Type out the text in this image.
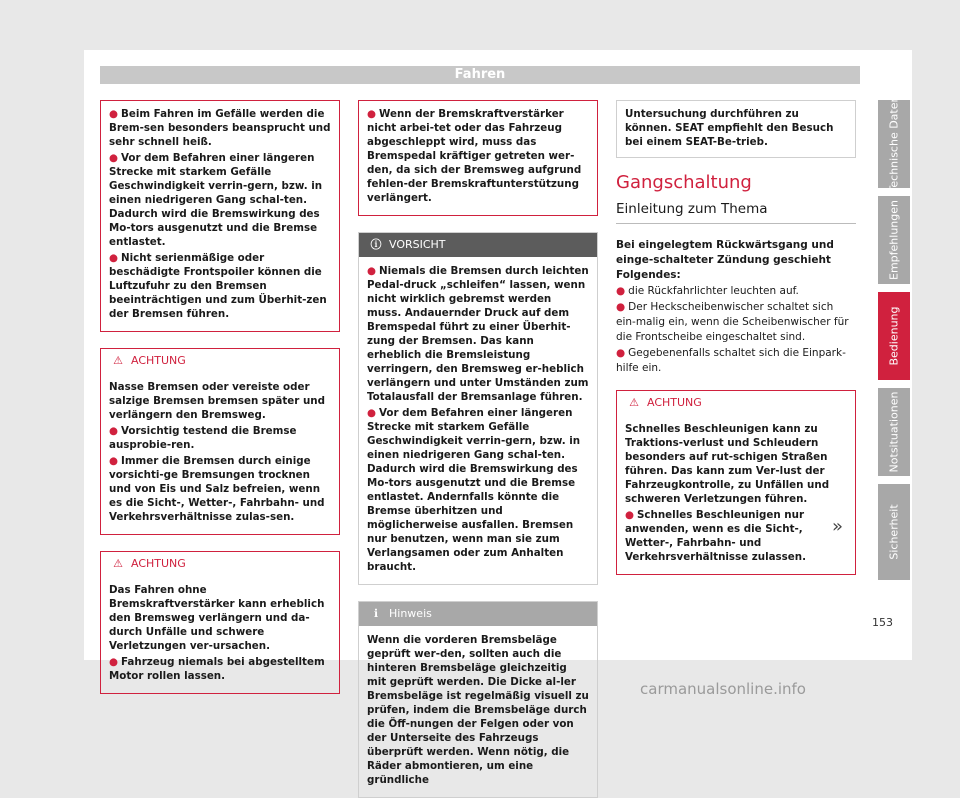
Fahren

● Beim Fahren im Gefälle werden die Brem-sen besonders beansprucht und sehr schnell heiß.

● Vor dem Befahren einer längeren Strecke mit starkem Gefälle Geschwindigkeit verrin-gern, bzw. in einen niedrigeren Gang schal-ten. Dadurch wird die Bremswirkung des Mo-tors ausgenutzt und die Bremse entlastet.

● Nicht serienmäßige oder beschädigte Frontspoiler können die Luftzufuhr zu den Bremsen beeinträchtigen und zum Überhit-zen der Bremsen führen.

⚠ ACHTUNG

Nasse Bremsen oder vereiste oder salzige Bremsen bremsen später und verlängern den Bremsweg.

● Vorsichtig testend die Bremse ausprobie-ren.

● Immer die Bremsen durch einige vorsichti-ge Bremsungen trocknen und von Eis und Salz befreien, wenn es die Sicht-, Wetter-, Fahrbahn- und Verkehrsverhältnisse zulas-sen.

⚠ ACHTUNG

Das Fahren ohne Bremskraftverstärker kann erheblich den Bremsweg verlängern und da-durch Unfälle und schwere Verletzungen ver-ursachen.

● Fahrzeug niemals bei abgestelltem Motor rollen lassen.

● Wenn der Bremskraftverstärker nicht arbei-tet oder das Fahrzeug abgeschleppt wird, muss das Bremspedal kräftiger getreten wer-den, da sich der Bremsweg aufgrund fehlen-der Bremskraftunterstützung verlängert.

ⓘ VORSICHT

● Niemals die Bremsen durch leichten Pedal-druck „schleifen“ lassen, wenn nicht wirklich gebremst werden muss. Andauernder Druck auf dem Bremspedal führt zu einer Überhit-zung der Bremsen. Das kann erheblich die Bremsleistung verringern, den Bremsweg er-heblich verlängern und unter Umständen zum Totalausfall der Bremsanlage führen.

● Vor dem Befahren einer längeren Strecke mit starkem Gefälle Geschwindigkeit verrin-gern, bzw. in einen niedrigeren Gang schal-ten. Dadurch wird die Bremswirkung des Mo-tors ausgenutzt und die Bremse entlastet. Andernfalls könnte die Bremse überhitzen und möglicherweise ausfallen. Bremsen nur benutzen, wenn man sie zum Verlangsamen oder zum Anhalten braucht.

ℹ Hinweis

Wenn die vorderen Bremsbeläge geprüft wer-den, sollten auch die hinteren Bremsbeläge gleichzeitig mit geprüft werden. Die Dicke al-ler Bremsbeläge ist regelmäßig visuell zu prüfen, indem die Bremsbeläge durch die Öff-nungen der Felgen oder von der Unterseite des Fahrzeugs überprüft werden. Wenn nötig, die Räder abmontieren, um eine gründliche

Untersuchung durchführen zu können. SEAT empfiehlt den Besuch bei einem SEAT-Be-trieb.

Gangschaltung
Einleitung zum Thema

Bei eingelegtem Rückwärtsgang und einge-schalteter Zündung geschieht Folgendes:

● die Rückfahrlichter leuchten auf.

● Der Heckscheibenwischer schaltet sich ein-malig ein, wenn die Scheibenwischer für die Frontscheibe eingeschaltet sind.

● Gegebenenfalls schaltet sich die Einpark-hilfe ein.

⚠ ACHTUNG

Schnelles Beschleunigen kann zu Traktions-verlust und Schleudern besonders auf rut-schigen Straßen führen. Das kann zum Ver-lust der Fahrzeugkontrolle, zu Unfällen und schweren Verletzungen führen.

● Schnelles Beschleunigen nur anwenden, wenn es die Sicht-, Wetter-, Fahrbahn- und Verkehrsverhältnisse zulassen.

»
Technische Daten
Empfehlungen
Bedienung
Notsituationen
Sicherheit
153
carmanualsonline.info
